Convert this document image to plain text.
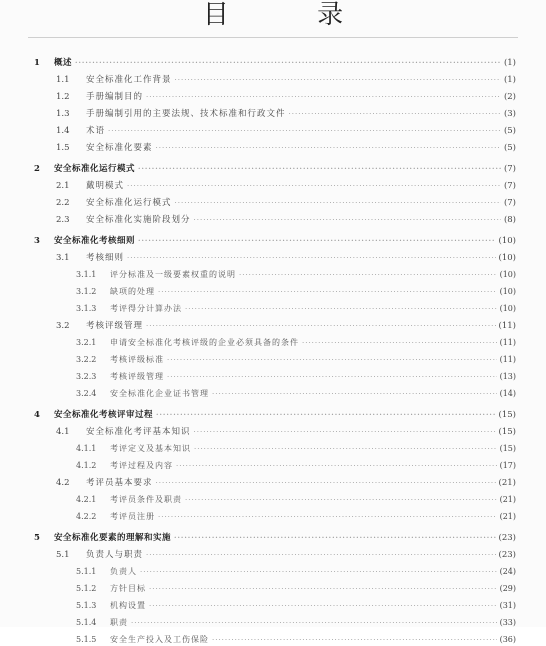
目 录
1	概述 ·····	(1)
1.1	安全标准化工作背景 ·····	(1)
1.2	手册编制目的 ·····	(2)
1.3	手册编制引用的主要法规、技术标准和行政文件 ·····	(3)
1.4	术语 ·····	(5)
1.5	安全标准化要素 ·····	(5)
2	安全标准化运行模式 ·····	(7)
2.1	戴明模式 ·····	(7)
2.2	安全标准化运行模式 ·····	(7)
2.3	安全标准化实施阶段划分 ·····	(8)
3	安全标准化考核细则 ·····	(10)
3.1	考核细则 ·····	(10)
3.1.1	评分标准及一级要素权重的说明 ·····	(10)
3.1.2	缺项的处理 ·····	(10)
3.1.3	考评得分计算办法 ·····	(10)
3.2	考核评级管理 ·····	(11)
3.2.1	申请安全标准化考核评级的企业必须具备的条件 ·····	(11)
3.2.2	考核评级标准 ·····	(11)
3.2.3	考核评级管理 ·····	(13)
3.2.4	安全标准化企业证书管理 ·····	(14)
4	安全标准化考核评审过程 ·····	(15)
4.1	安全标准化考评基本知识 ·····	(15)
4.1.1	考评定义及基本知识 ·····	(15)
4.1.2	考评过程及内容 ·····	(17)
4.2	考评员基本要求 ·····	(21)
4.2.1	考评员条件及职责 ·····	(21)
4.2.2	考评员注册 ·····	(21)
5	安全标准化要素的理解和实施 ·····	(23)
5.1	负责人与职责 ·····	(23)
5.1.1	负责人 ·····	(24)
5.1.2	方针目标 ·····	(29)
5.1.3	机构设置 ·····	(31)
5.1.4	职责 ·····	(33)
5.1.5	安全生产投入及工伤保险 ·····	(36)
